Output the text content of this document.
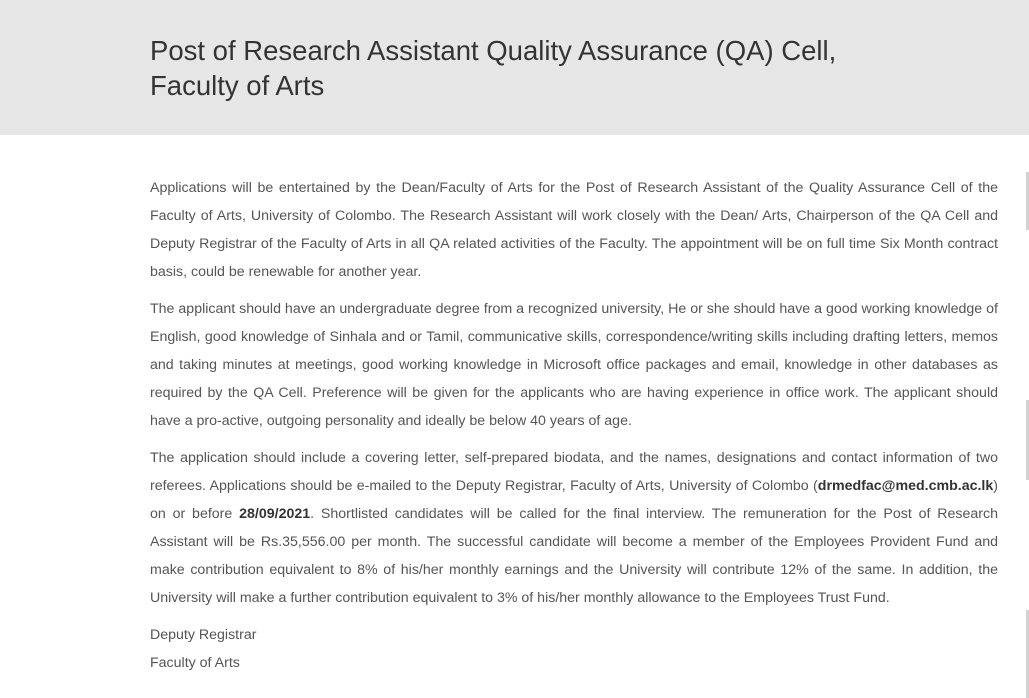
Post of Research Assistant Quality Assurance (QA) Cell, Faculty of Arts

Applications will be entertained by the Dean/Faculty of Arts for the Post of Research Assistant of the Quality Assurance Cell of the Faculty of Arts, University of Colombo. The Research Assistant will work closely with the Dean/ Arts, Chairperson of the QA Cell and Deputy Registrar of the Faculty of Arts in all QA related activities of the Faculty. The appointment will be on full time Six Month contract basis, could be renewable for another year.

The applicant should have an undergraduate degree from a recognized university, He or she should have a good working knowledge of English, good knowledge of Sinhala and or Tamil, communicative skills, correspondence/writing skills including drafting letters, memos and taking minutes at meetings, good working knowledge in Microsoft office packages and email, knowledge in other databases as required by the QA Cell. Preference will be given for the applicants who are having experience in office work. The applicant should have a pro-active, outgoing personality and ideally be below 40 years of age.

The application should include a covering letter, self-prepared biodata, and the names, designations and contact information of two referees. Applications should be e-mailed to the Deputy Registrar, Faculty of Arts, University of Colombo (drmedfac@med.cmb.ac.lk) on or before 28/09/2021. Shortlisted candidates will be called for the final interview. The remuneration for the Post of Research Assistant will be Rs.35,556.00 per month. The successful candidate will become a member of the Employees Provident Fund and make contribution equivalent to 8% of his/her monthly earnings and the University will contribute 12% of the same. In addition, the University will make a further contribution equivalent to 3% of his/her monthly allowance to the Employees Trust Fund.

Deputy Registrar
Faculty of Arts
